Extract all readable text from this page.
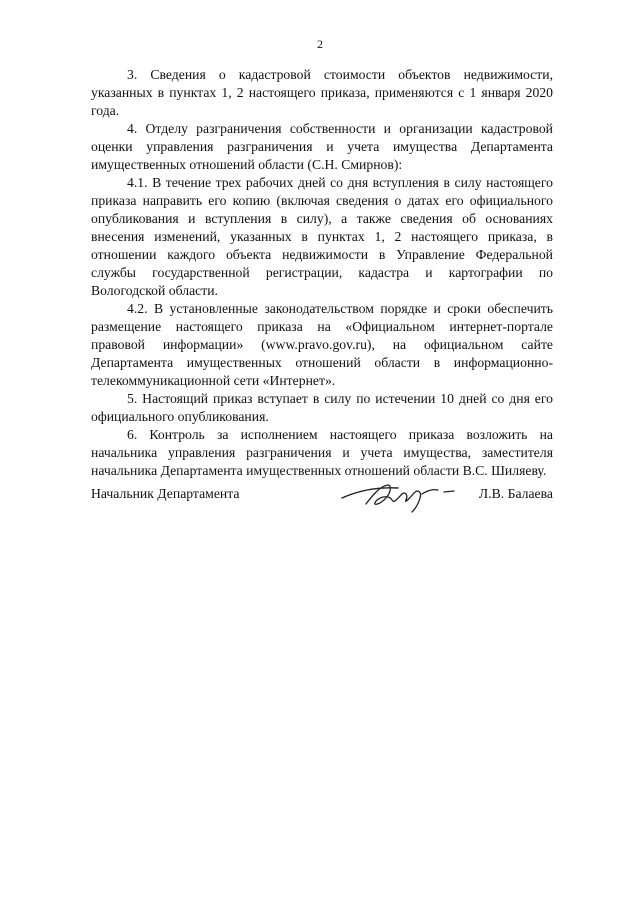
2

3. Сведения о кадастровой стоимости объектов недвижимости, указанных в пунктах 1, 2 настоящего приказа, применяются с 1 января 2020 года.

4. Отделу разграничения собственности и организации кадастровой оценки управления разграничения и учета имущества Департамента имущественных отношений области (С.Н. Смирнов):

4.1. В течение трех рабочих дней со дня вступления в силу настоящего приказа направить его копию (включая сведения о датах его официального опубликования и вступления в силу), а также сведения об основаниях внесения изменений, указанных в пунктах 1, 2 настоящего приказа, в отношении каждого объекта недвижимости в Управление Федеральной службы государственной регистрации, кадастра и картографии по Вологодской области.

4.2. В установленные законодательством порядке и сроки обеспечить размещение настоящего приказа на «Официальном интернет-портале правовой информации» (www.pravo.gov.ru), на официальном сайте Департамента имущественных отношений области в информационно-телекоммуникационной сети «Интернет».

5. Настоящий приказ вступает в силу по истечении 10 дней со дня его официального опубликования.

6. Контроль за исполнением настоящего приказа возложить на начальника управления разграничения и учета имущества, заместителя начальника Департамента имущественных отношений области В.С. Шиляеву.

Начальник Департамента	Л.В. Балаева
